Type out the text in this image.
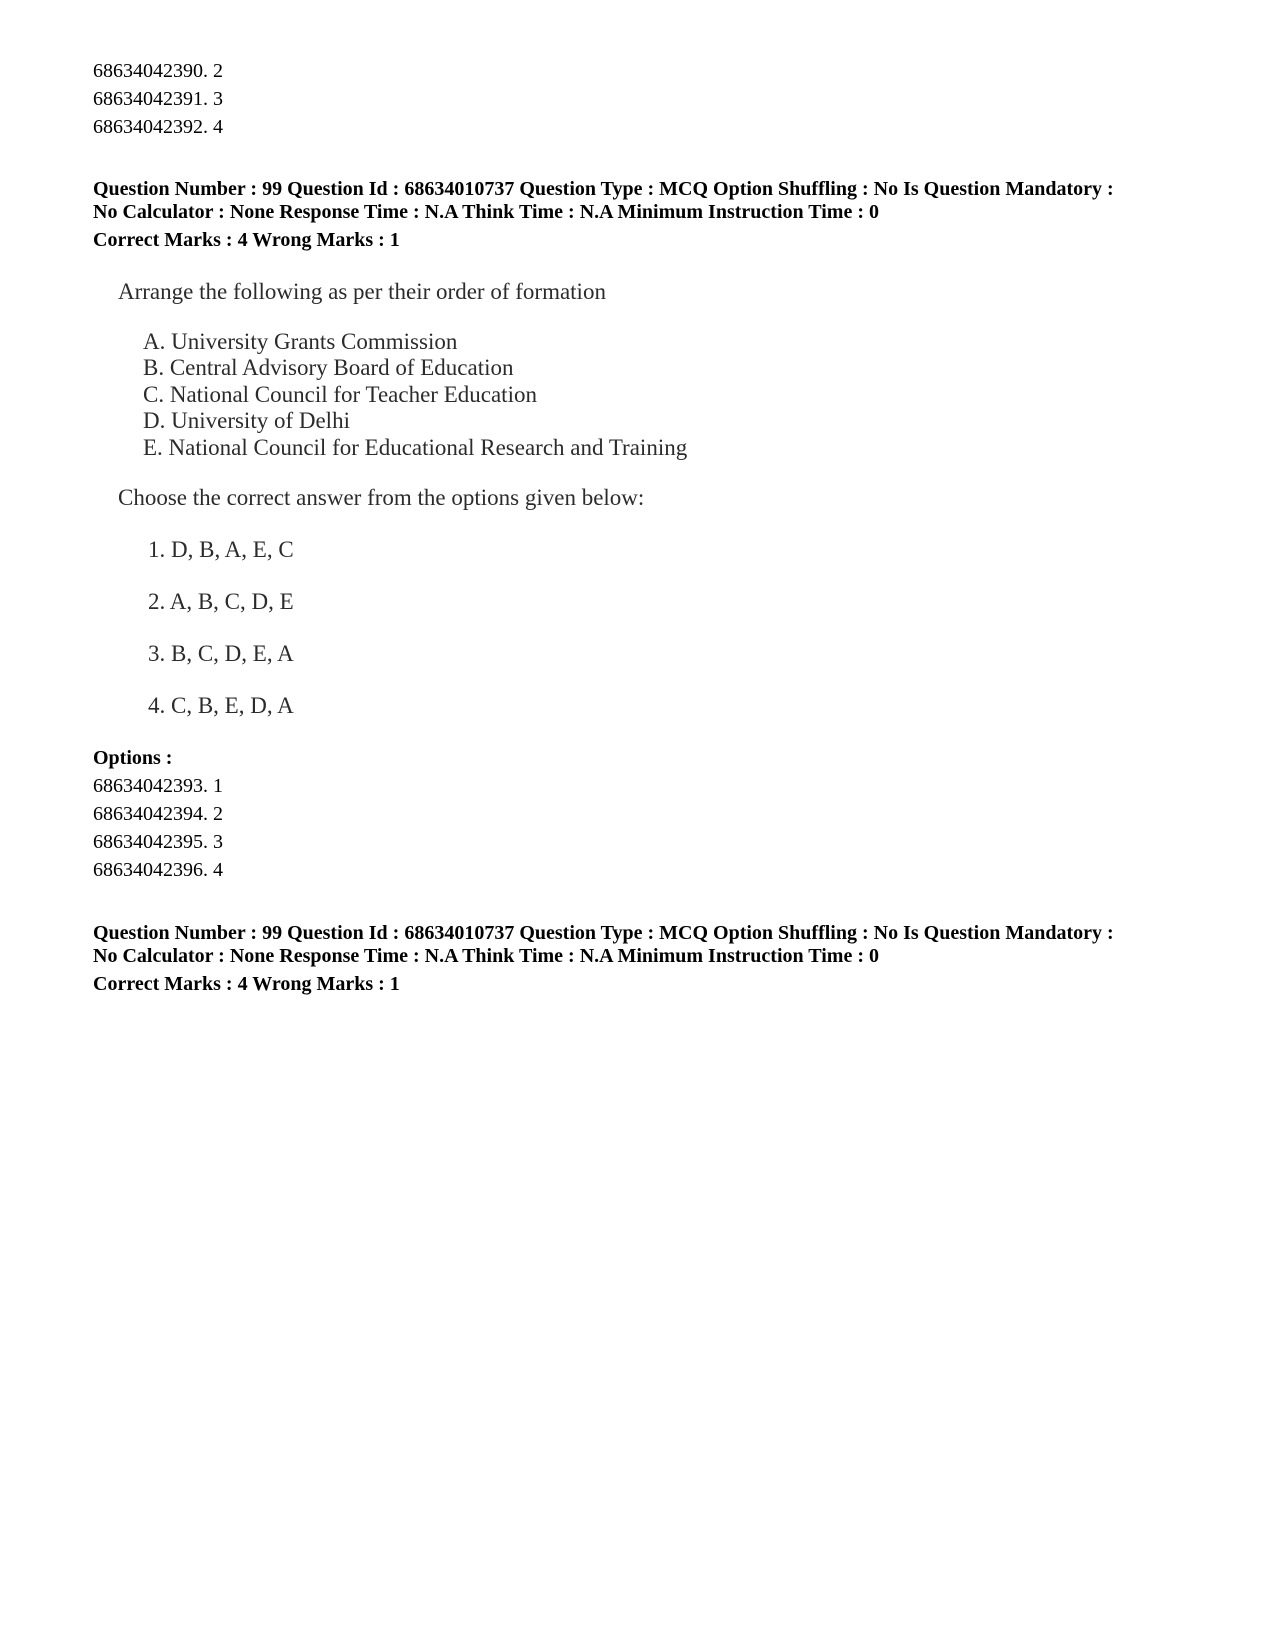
68634042390. 2
68634042391. 3
68634042392. 4
Question Number : 99 Question Id : 68634010737 Question Type : MCQ Option Shuffling : No Is Question Mandatory :
No Calculator : None Response Time : N.A Think Time : N.A Minimum Instruction Time : 0
Correct Marks : 4 Wrong Marks : 1
Arrange the following as per their order of formation
A. University Grants Commission
B. Central Advisory Board of Education
C. National Council for Teacher Education
D. University of Delhi
E. National Council for Educational Research and Training
Choose the correct answer from the options given below:
1. D, B, A, E, C
2. A, B, C, D, E
3. B, C, D, E, A
4. C, B, E, D, A
Options :
68634042393. 1
68634042394. 2
68634042395. 3
68634042396. 4
Question Number : 99 Question Id : 68634010737 Question Type : MCQ Option Shuffling : No Is Question Mandatory :
No Calculator : None Response Time : N.A Think Time : N.A Minimum Instruction Time : 0
Correct Marks : 4 Wrong Marks : 1
